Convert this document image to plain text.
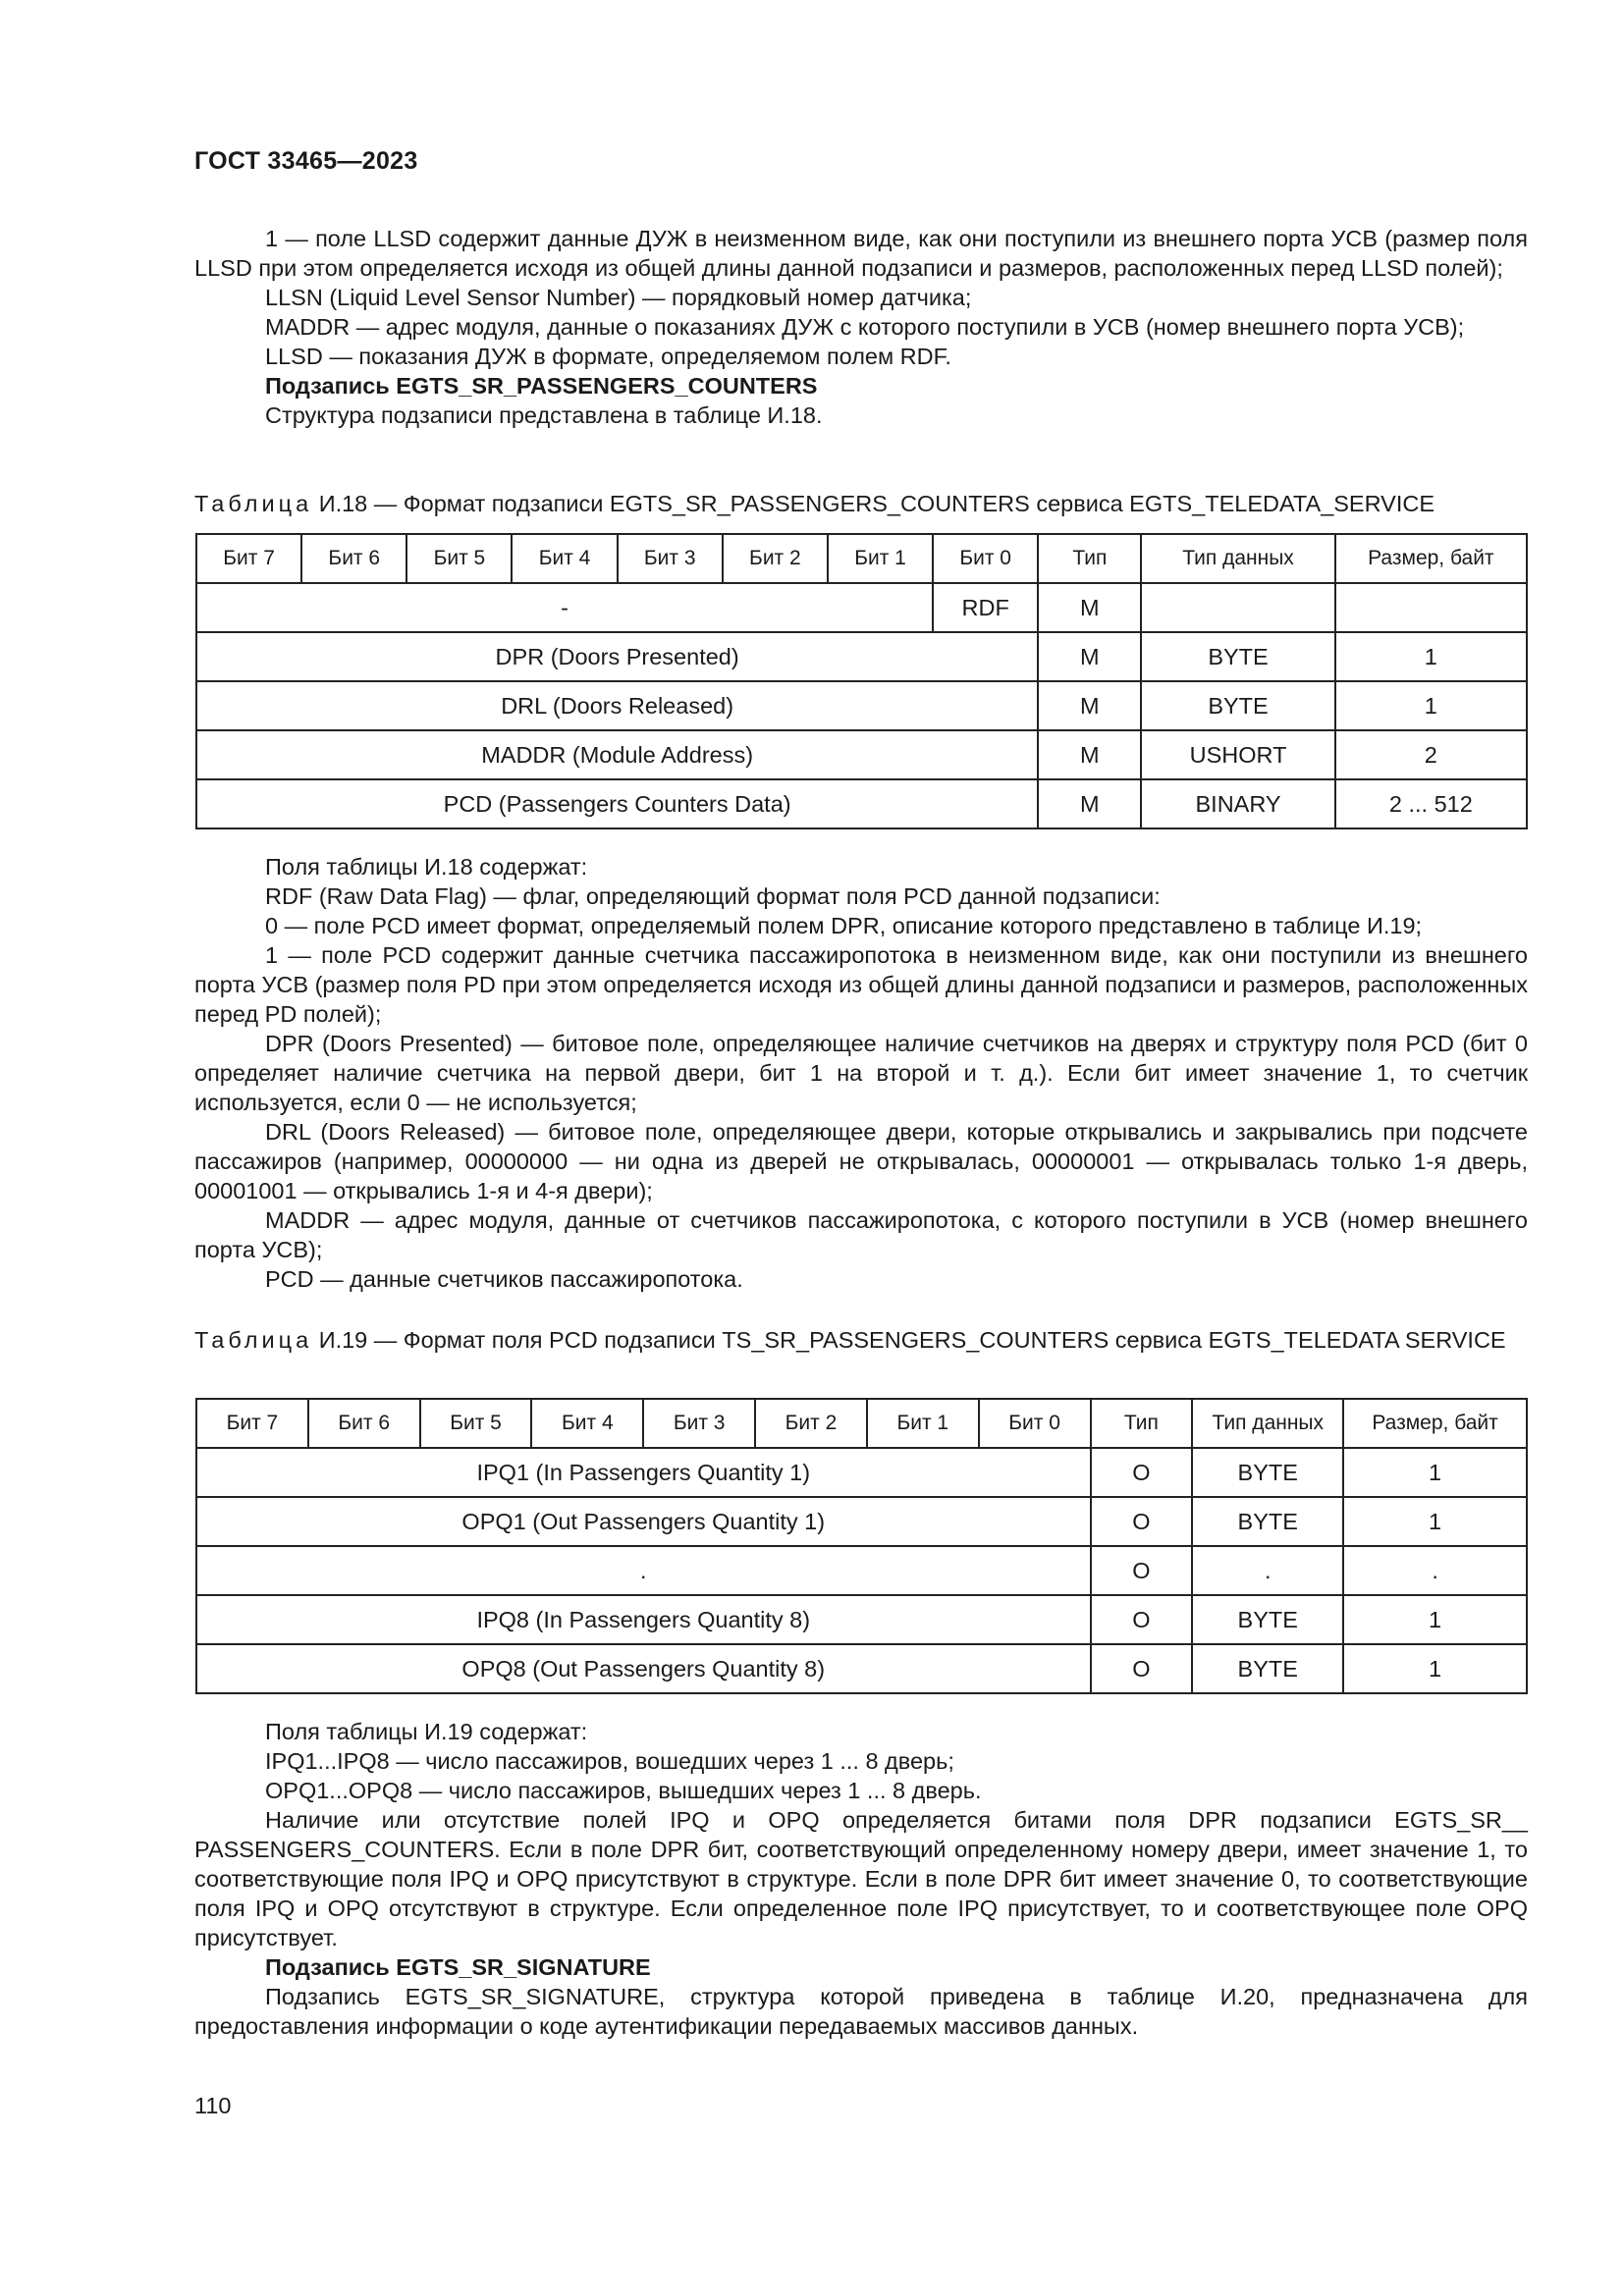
ГОСТ 33465—2023

1 — поле LLSD содержит данные ДУЖ в неизменном виде, как они поступили из внешнего порта УСВ (размер поля LLSD при этом определяется исходя из общей длины данной подзаписи и размеров, расположенных перед LLSD полей);

LLSN (Liquid Level Sensor Number) — порядковый номер датчика;

MADDR — адрес модуля, данные о показаниях ДУЖ с которого поступили в УСВ (номер внешнего порта УСВ);

LLSD — показания ДУЖ в формате, определяемом полем RDF.

Подзапись EGTS_SR_PASSENGERS_COUNTERS

Структура подзаписи представлена в таблице И.18.

Таблица И.18 — Формат подзаписи EGTS_SR_PASSENGERS_COUNTERS сервиса EGTS_TELEDATA_SERVICE
Бит 7	Бит 6	Бит 5	Бит 4	Бит 3	Бит 2	Бит 1	Бит 0	Тип	Тип данных	Размер, байт
-							RDF	M		
DPR (Doors Presented)								M	BYTE	1
DRL (Doors Released)								M	BYTE	1
MADDR (Module Address)								M	USHORT	2
PCD (Passengers Counters Data)								M	BINARY	2 ... 512

Поля таблицы И.18 содержат:

RDF (Raw Data Flag) — флаг, определяющий формат поля PCD данной подзаписи:

0 — поле PCD имеет формат, определяемый полем DPR, описание которого представлено в таблице И.19;

1 — поле PCD содержит данные счетчика пассажиропотока в неизменном виде, как они поступили из внешнего порта УСВ (размер поля PD при этом определяется исходя из общей длины данной подзаписи и размеров, расположенных перед PD полей);

DPR (Doors Presented) — битовое поле, определяющее наличие счетчиков на дверях и структуру поля PCD (бит 0 определяет наличие счетчика на первой двери, бит 1 на второй и т. д.). Если бит имеет значение 1, то счетчик используется, если 0 — не используется;

DRL (Doors Released) — битовое поле, определяющее двери, которые открывались и закрывались при подсчете пассажиров (например, 00000000 — ни одна из дверей не открывалась, 00000001 — открывалась только 1-я дверь, 00001001 — открывались 1-я и 4-я двери);

MADDR — адрес модуля, данные от счетчиков пассажиропотока, с которого поступили в УСВ (номер внешнего порта УСВ);

PCD — данные счетчиков пассажиропотока.

Таблица И.19 — Формат поля PCD подзаписи TS_SR_PASSENGERS_COUNTERS сервиса EGTS_TELEDATA SERVICE

Бит 7	Бит 6	Бит 5	Бит 4	Бит 3	Бит 2	Бит 1	Бит 0	Тип	Тип данных	Размер, байт
IPQ1 (In Passengers Quantity 1)								O	BYTE	1
OPQ1 (Out Passengers Quantity 1)								O	BYTE	1
.								O	.	.
IPQ8 (In Passengers Quantity 8)								O	BYTE	1
OPQ8 (Out Passengers Quantity 8)								O	BYTE	1

Поля таблицы И.19 содержат:

IPQ1...IPQ8 — число пассажиров, вошедших через 1 ... 8 дверь;

OPQ1...OPQ8 — число пассажиров, вышедших через 1 ... 8 дверь.

Наличие или отсутствие полей IPQ и OPQ определяется битами поля DPR подзаписи EGTS_SR__ PASSENGERS_COUNTERS. Если в поле DPR бит, соответствующий определенному номеру двери, имеет значение 1, то соответствующие поля IPQ и OPQ присутствуют в структуре. Если в поле DPR бит имеет значение 0, то соответствующие поля IPQ и OPQ отсутствуют в структуре. Если определенное поле IPQ присутствует, то и соответствующее поле OPQ присутствует.

Подзапись EGTS_SR_SIGNATURE

Подзапись EGTS_SR_SIGNATURE, структура которой приведена в таблице И.20, предназначена для предоставления информации о коде аутентификации передаваемых массивов данных.

110
